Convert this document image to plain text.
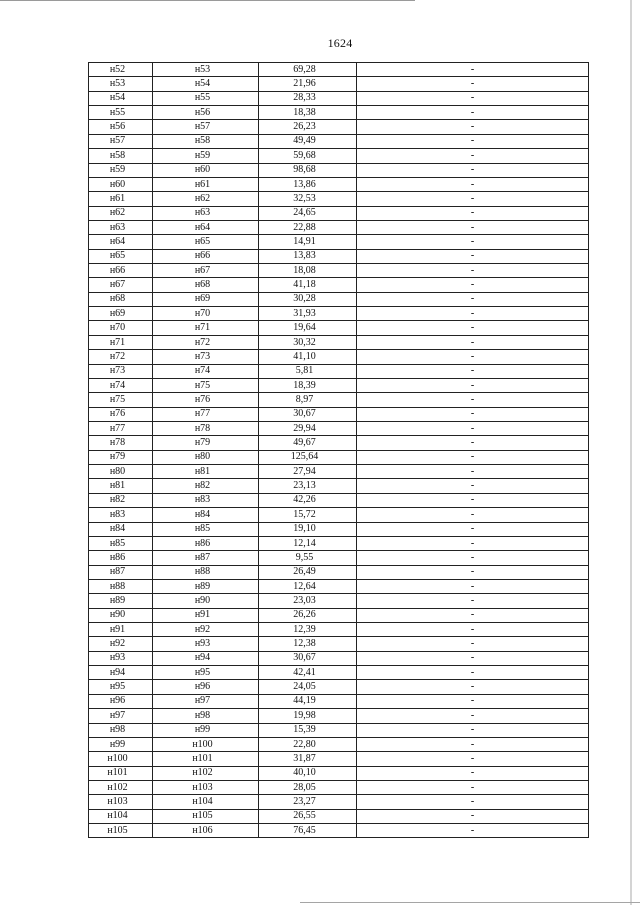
1624
н52	н53	69,28	-
н53	н54	21,96	-
н54	н55	28,33	-
н55	н56	18,38	-
н56	н57	26,23	-
н57	н58	49,49	-
н58	н59	59,68	-
н59	н60	98,68	-
н60	н61	13,86	-
н61	н62	32,53	-
н62	н63	24,65	-
н63	н64	22,88	-
н64	н65	14,91	-
н65	н66	13,83	-
н66	н67	18,08	-
н67	н68	41,18	-
н68	н69	30,28	-
н69	н70	31,93	-
н70	н71	19,64	-
н71	н72	30,32	-
н72	н73	41,10	-
н73	н74	5,81	-
н74	н75	18,39	-
н75	н76	8,97	-
н76	н77	30,67	-
н77	н78	29,94	-
н78	н79	49,67	-
н79	н80	125,64	-
н80	н81	27,94	-
н81	н82	23,13	-
н82	н83	42,26	-
н83	н84	15,72	-
н84	н85	19,10	-
н85	н86	12,14	-
н86	н87	9,55	-
н87	н88	26,49	-
н88	н89	12,64	-
н89	н90	23,03	-
н90	н91	26,26	-
н91	н92	12,39	-
н92	н93	12,38	-
н93	н94	30,67	-
н94	н95	42,41	-
н95	н96	24,05	-
н96	н97	44,19	-
н97	н98	19,98	-
н98	н99	15,39	-
н99	н100	22,80	-
н100	н101	31,87	-
н101	н102	40,10	-
н102	н103	28,05	-
н103	н104	23,27	-
н104	н105	26,55	-
н105	н106	76,45	-
